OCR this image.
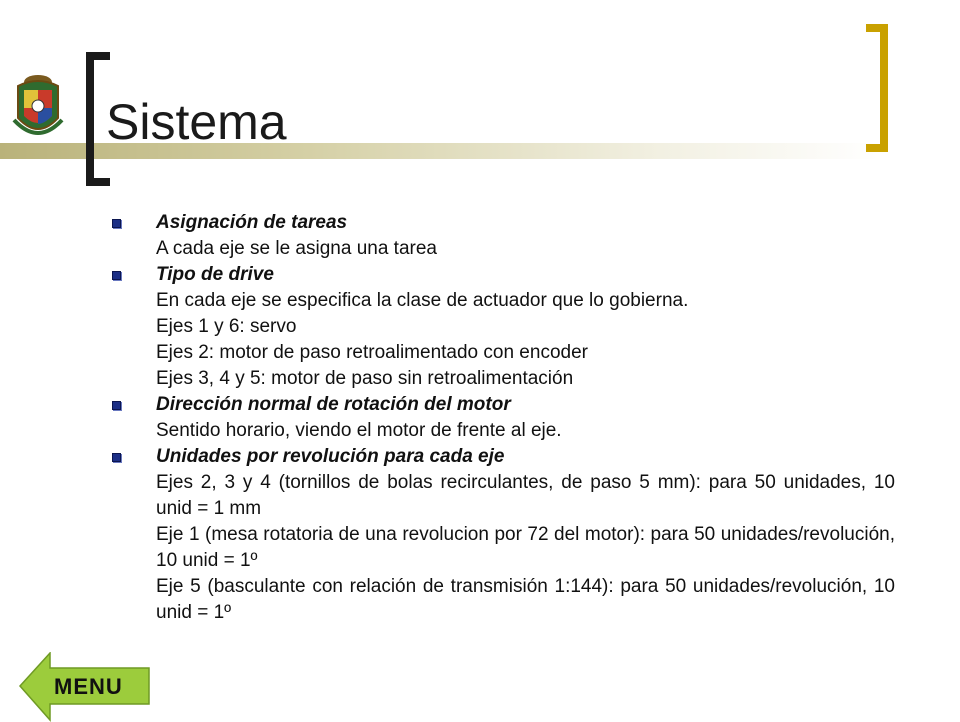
Sistema
Asignación de tareas
A cada eje se le asigna una tarea
Tipo de drive
En cada eje se especifica la clase de actuador que lo gobierna.
Ejes 1 y 6: servo
Ejes 2: motor de paso retroalimentado con encoder
Ejes 3, 4 y 5: motor de paso sin retroalimentación
Dirección normal de rotación del motor
Sentido horario, viendo el motor de frente al eje.
Unidades por revolución para cada eje
Ejes 2, 3 y 4 (tornillos de bolas recirculantes, de paso 5 mm): para 50 unidades, 10 unid = 1 mm
Eje 1 (mesa rotatoria de una revolucion por 72 del motor): para 50 unidades/revolución, 10 unid = 1º
Eje 5 (basculante con relación de transmisión 1:144): para 50 unidades/revolución, 10 unid = 1º
MENU
